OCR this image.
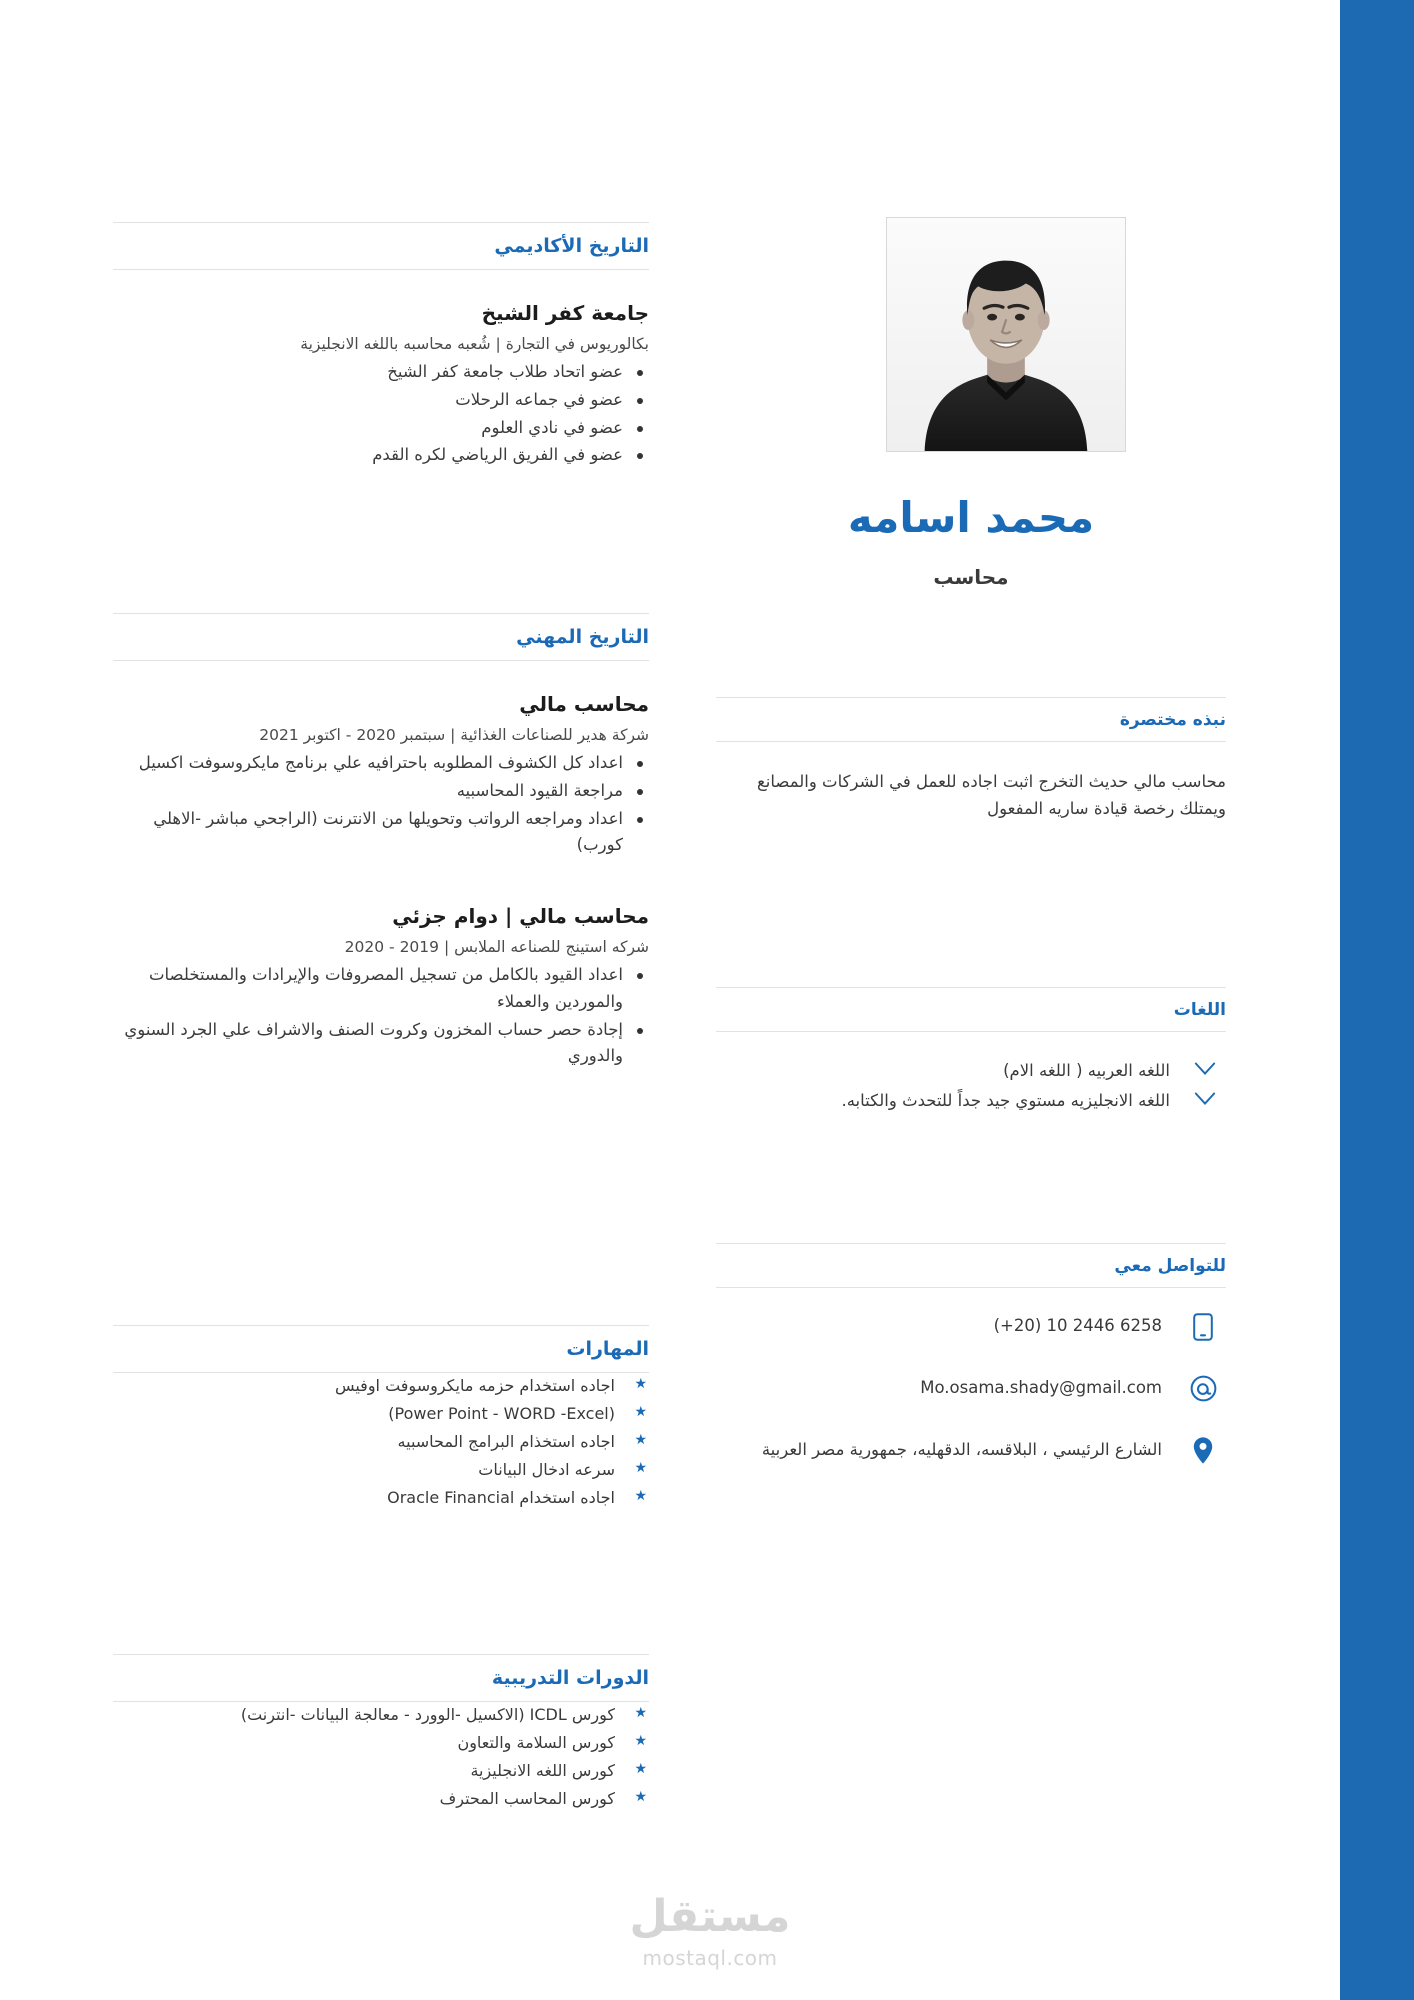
التاريخ الأكاديمي
جامعة كفر الشيخ
بكالوريوس في التجارة | شُعبه محاسبه باللغه الانجليزية
عضو اتحاد طلاب جامعة كفر الشيخ
عضو في جماعه الرحلات
عضو في نادي العلوم
عضو في الفريق الرياضي لكره القدم
التاريخ المهني
محاسب مالي
شركة هدير للصناعات الغذائية | سبتمبر 2020 - اكتوبر 2021
اعداد كل الكشوف المطلوبه باحترافيه علي برنامج مايكروسوفت اكسيل
مراجعة القيود المحاسبيه
اعداد ومراجعه الرواتب وتحويلها من الانترنت (الراجحي مباشر -الاهلي كورب)
محاسب مالي | دوام جزئي
شركه استينج للصناعه الملابس | 2019 - 2020
اعداد القيود بالكامل من تسجيل المصروفات والإيرادات والمستخلصات والموردين والعملاء
إجادة حصر حساب المخزون وكروت الصنف والاشراف علي الجرد السنوي والدوري
المهارات
★
اجاده استخدام حزمه مايكروسوفت اوفيس
★
(Power Point - WORD -Excel)
★
اجاده استخذام البرامج المحاسبيه
★
سرعه ادخال البيانات
★
اجاده استخدام Oracle Financial
الدورات التدريبية
★
كورس ICDL (الاكسيل -الوورد - معالجة البيانات -انترنت)
★
كورس السلامة والتعاون
★
كورس اللغه الانجليزية
★
كورس المحاسب المحترف
محمد اسامه
محاسب
نبذه مختصرة
محاسب مالي حديث التخرج اثبت اجاده للعمل في الشركات والمصانع ويمتلك رخصة قيادة ساريه المفعول
اللغات
اللغه العربيه ( اللغه الام)
اللغه الانجليزيه مستوي جيد جداً للتحدث والكتابه.
للتواصل معي
(+20) 10 2446 6258
Mo.osama.shady@gmail.com
الشارع الرئيسي ، البلاقسه، الدقهليه، جمهورية مصر العربية
مستقل
mostaql.com
